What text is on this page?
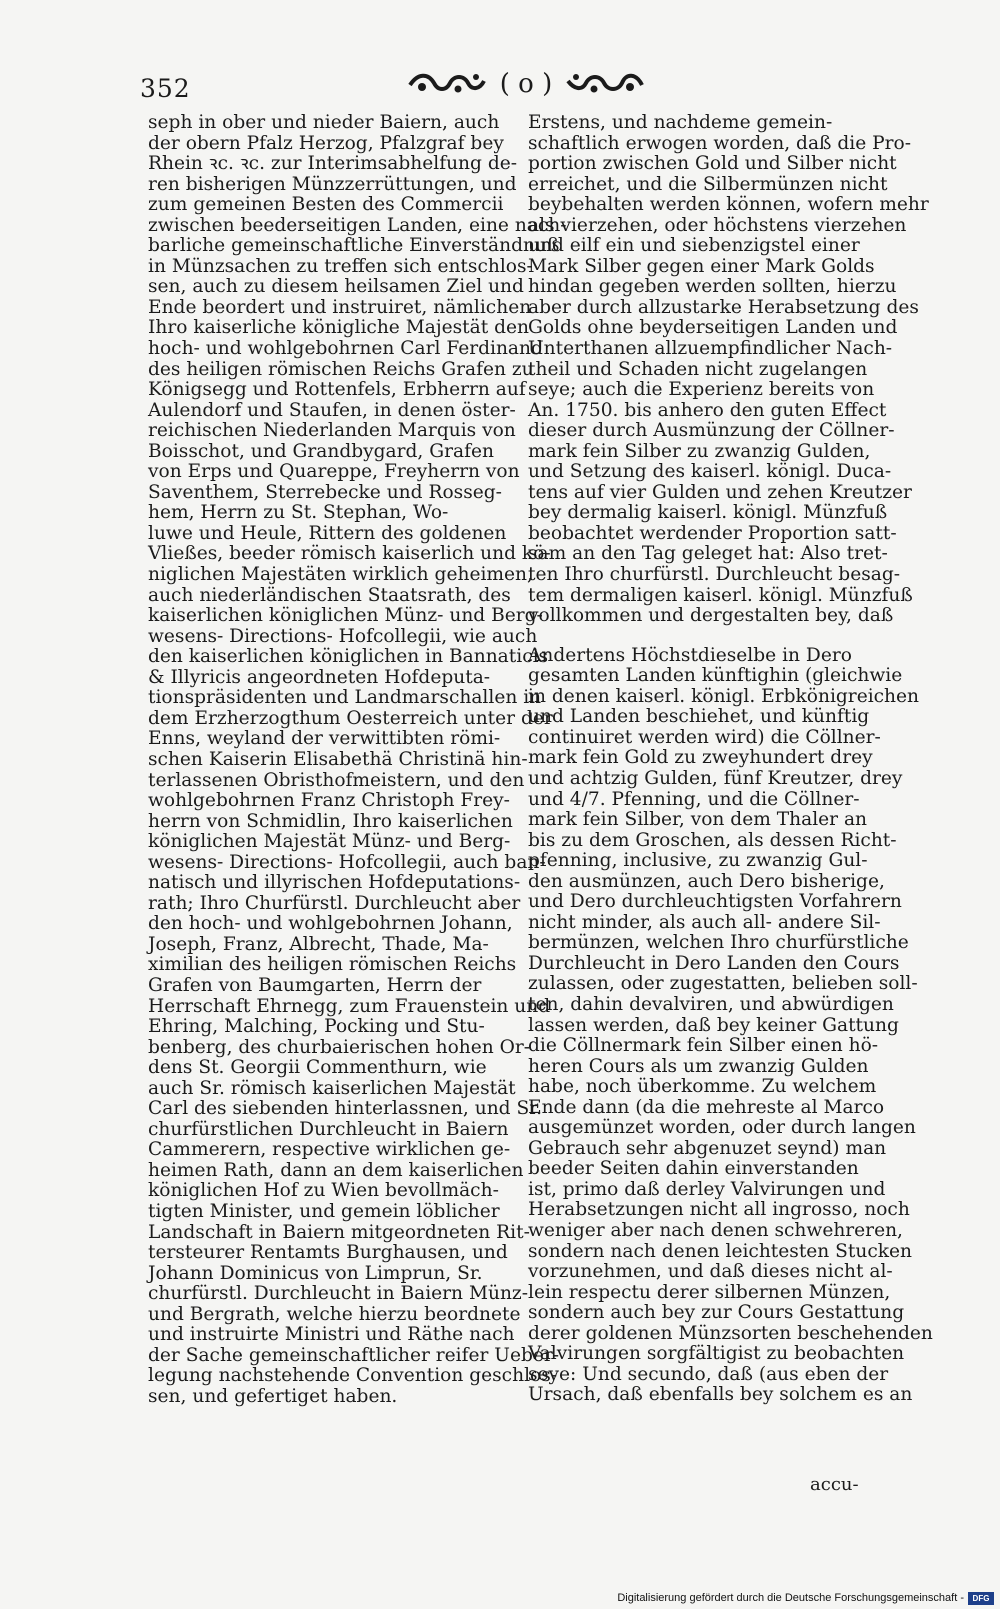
352	( o )
seph in ober und nieder Baiern, auch
der obern Pfalz Herzog, Pfalzgraf bey
Rhein ꝛc. ꝛc. zur Interimsabhelfung de-
ren bisherigen Münzzerrüttungen, und
zum gemeinen Besten des Commercii
zwischen beederseitigen Landen, eine nach-
barliche gemeinschaftliche Einverständnuß
in Münzsachen zu treffen sich entschlos-
sen, auch zu diesem heilsamen Ziel und
Ende beordert und instruiret, nämlichen
Ihro kaiserliche königliche Majestät den
hoch- und wohlgebohrnen Carl Ferdinand
des heiligen römischen Reichs Grafen zu
Königsegg und Rottenfels, Erbherrn auf
Aulendorf und Staufen, in denen öster-
reichischen Niederlanden Marquis von
Boisschot, und Grandbygard, Grafen
von Erps und Quareppe, Freyherrn von
Saventhem, Sterrebecke und Rosseg-
hem, Herrn zu St. Stephan, Wo-
luwe und Heule, Rittern des goldenen
Vließes, beeder römisch kaiserlich und kö-
niglichen Majestäten wirklich geheimen,
auch niederländischen Staatsrath, des
kaiserlichen königlichen Münz- und Berg-
wesens- Directions- Hofcollegii, wie auch
den kaiserlichen königlichen in Bannaticis
& Illyricis angeordneten Hofdeputa-
tionspräsidenten und Landmarschallen in
dem Erzherzogthum Oesterreich unter der
Enns, weyland der verwittibten römi-
schen Kaiserin Elisabethä Christinä hin-
terlassenen Obristhofmeistern, und den
wohlgebohrnen Franz Christoph Frey-
herrn von Schmidlin, Ihro kaiserlichen
königlichen Majestät Münz- und Berg-
wesens- Directions- Hofcollegii, auch ban-
natisch und illyrischen Hofdeputations-
rath; Ihro Churfürstl. Durchleucht aber
den hoch- und wohlgebohrnen Johann,
Joseph, Franz, Albrecht, Thade, Ma-
ximilian des heiligen römischen Reichs
Grafen von Baumgarten, Herrn der
Herrschaft Ehrnegg, zum Frauenstein und
Ehring, Malching, Pocking und Stu-
benberg, des churbaierischen hohen Or-
dens St. Georgii Commenthurn, wie
auch Sr. römisch kaiserlichen Majestät
Carl des siebenden hinterlassnen, und Sr.
churfürstlichen Durchleucht in Baiern
Cammerern, respective wirklichen ge-
heimen Rath, dann an dem kaiserlichen
königlichen Hof zu Wien bevollmäch-
tigten Minister, und gemein löblicher
Landschaft in Baiern mitgeordneten Rit-
tersteurer Rentamts Burghausen, und
Johann Dominicus von Limprun, Sr.
churfürstl. Durchleucht in Baiern Münz-
und Bergrath, welche hierzu beordnete
und instruirte Ministri und Räthe nach
der Sache gemeinschaftlicher reifer Ueber-
legung nachstehende Convention geschlos-
sen, und gefertiget haben.
Erstens, und nachdeme gemein-
schaftlich erwogen worden, daß die Pro-
portion zwischen Gold und Silber nicht
erreichet, und die Silbermünzen nicht
beybehalten werden können, wofern mehr
als vierzehen, oder höchstens vierzehen
und eilf ein und siebenzigstel einer
Mark Silber gegen einer Mark Golds
hindan gegeben werden sollten, hierzu
aber durch allzustarke Herabsetzung des
Golds ohne beyderseitigen Landen und
Unterthanen allzuempfindlicher Nach-
theil und Schaden nicht zugelangen
seye; auch die Experienz bereits von
An. 1750. bis anhero den guten Effect
dieser durch Ausmünzung der Cöllner-
mark fein Silber zu zwanzig Gulden,
und Setzung des kaiserl. königl. Duca-
tens auf vier Gulden und zehen Kreutzer
bey dermalig kaiserl. königl. Münzfuß
beobachtet werdender Proportion satt-
sam an den Tag geleget hat: Also tret-
ten Ihro churfürstl. Durchleucht besag-
tem dermaligen kaiserl. königl. Münzfuß
vollkommen und dergestalten bey, daß
Andertens Höchstdieselbe in Dero
gesamten Landen künftighin (gleichwie
in denen kaiserl. königl. Erbkönigreichen
und Landen beschiehet, und künftig
continuiret werden wird) die Cöllner-
mark fein Gold zu zweyhundert drey
und achtzig Gulden, fünf Kreutzer, drey
und 4/7. Pfenning, und die Cöllner-
mark fein Silber, von dem Thaler an
bis zu dem Groschen, als dessen Richt-
pfenning, inclusive, zu zwanzig Gul-
den ausmünzen, auch Dero bisherige,
und Dero durchleuchtigsten Vorfahrern
nicht minder, als auch all- andere Sil-
bermünzen, welchen Ihro churfürstliche
Durchleucht in Dero Landen den Cours
zulassen, oder zugestatten, belieben soll-
ten, dahin devalviren, und abwürdigen
lassen werden, daß bey keiner Gattung
die Cöllnermark fein Silber einen hö-
heren Cours als um zwanzig Gulden
habe, noch überkomme. Zu welchem
Ende dann (da die mehreste al Marco
ausgemünzet worden, oder durch langen
Gebrauch sehr abgenuzet seynd) man
beeder Seiten dahin einverstanden
ist, primo daß derley Valvirungen und
Herabsetzungen nicht all ingrosso, noch
weniger aber nach denen schwehreren,
sondern nach denen leichtesten Stucken
vorzunehmen, und daß dieses nicht al-
lein respectu derer silbernen Münzen,
sondern auch bey zur Cours Gestattung
derer goldenen Münzsorten beschehenden
Valvirungen sorgfältigist zu beobachten
seye: Und secundo, daß (aus eben der
Ursach, daß ebenfalls bey solchem es an
accu-
Digitalisierung gefördert durch die Deutsche Forschungsgemeinschaft -	DFG
